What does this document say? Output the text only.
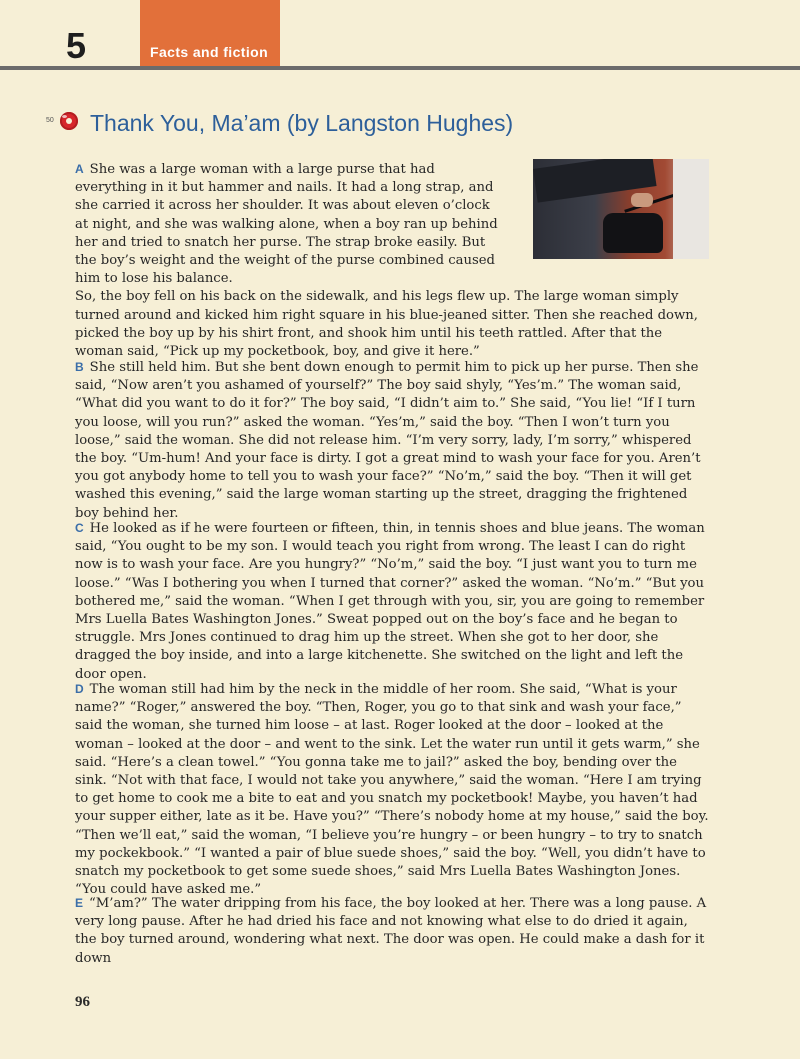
5	Facts and fiction
50 Thank You, Ma’am (by Langston Hughes)

A She was a large woman with a large purse that had everything in it but hammer and nails. It had a long strap, and she carried it across her shoulder. It was about eleven o’clock at night, and she was walking alone, when a boy ran up behind her and tried to snatch her purse. The strap broke easily. But the boy’s weight and the weight of the purse combined caused him to lose his balance.

So, the boy fell on his back on the sidewalk, and his legs flew up. The large woman simply turned around and kicked him right square in his blue-jeaned sitter. Then she reached down, picked the boy up by his shirt front, and shook him until his teeth rattled. After that the woman said, “Pick up my pocketbook, boy, and give it here.”

B She still held him. But she bent down enough to permit him to pick up her purse. Then she said, “Now aren’t you ashamed of yourself?” The boy said shyly, “Yes’m.” The woman said, “What did you want to do it for?” The boy said, “I didn’t aim to.” She said, “You lie! “If I turn you loose, will you run?” asked the woman. “Yes’m,” said the boy. “Then I won’t turn you loose,” said the woman. She did not release him. “I’m very sorry, lady, I’m sorry,” whispered the boy. “Um-hum! And your face is dirty. I got a great mind to wash your face for you. Aren’t you got anybody home to tell you to wash your face?” “No’m,” said the boy. “Then it will get washed this evening,” said the large woman starting up the street, dragging the frightened boy behind her.

C He looked as if he were fourteen or fifteen, thin, in tennis shoes and blue jeans. The woman said, “You ought to be my son. I would teach you right from wrong. The least I can do right now is to wash your face. Are you hungry?” “No’m,” said the boy. “I just want you to turn me loose.” “Was I bothering you when I turned that corner?” asked the woman. “No’m.” “But you bothered me,” said the woman. “When I get through with you, sir, you are going to remember Mrs Luella Bates Washington Jones.” Sweat popped out on the boy’s face and he began to struggle. Mrs Jones continued to drag him up the street. When she got to her door, she dragged the boy inside, and into a large kitchenette. She switched on the light and left the door open.

D The woman still had him by the neck in the middle of her room. She said, “What is your name?” “Roger,” answered the boy. “Then, Roger, you go to that sink and wash your face,” said the woman, she turned him loose – at last. Roger looked at the door – looked at the woman – looked at the door – and went to the sink. Let the water run until it gets warm,” she said. “Here’s a clean towel.” “You gonna take me to jail?” asked the boy, bending over the sink. “Not with that face, I would not take you anywhere,” said the woman. “Here I am trying to get home to cook me a bite to eat and you snatch my pocketbook! Maybe, you haven’t had your supper either, late as it be. Have you?” “There’s nobody home at my house,” said the boy. “Then we’ll eat,” said the woman, “I believe you’re hungry – or been hungry – to try to snatch my pockekbook.” “I wanted a pair of blue suede shoes,” said the boy. “Well, you didn’t have to snatch my pocketbook to get some suede shoes,” said Mrs Luella Bates Washington Jones. “You could have asked me.”

E “M’am?” The water dripping from his face, the boy looked at her. There was a long pause. A very long pause. After he had dried his face and not knowing what else to do dried it again, the boy turned around, wondering what next. The door was open. He could make a dash for it down

96
